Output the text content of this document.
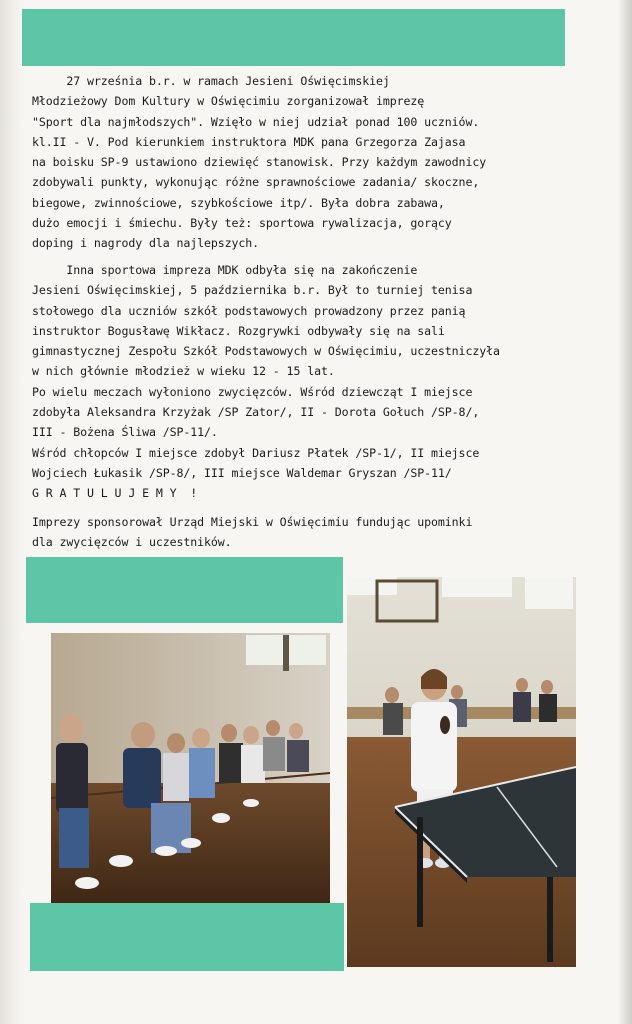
27 września b.r. w ramach Jesieni Oświęcimskiej
Młodzieżowy Dom Kultury w Oświęcimiu zorganizował imprezę
"Sport dla najmłodszych". Wzięło w niej udział ponad 100 uczniów.
kl.II - V. Pod kierunkiem instruktora MDK pana Grzegorza Zajasa
na boisku SP-9 ustawiono dziewięć stanowisk. Przy każdym zawodnicy
zdobywali punkty, wykonując różne sprawnościowe zadania/ skoczne,
biegowe, zwinnościowe, szybkościowe itp/. Była dobra zabawa,
dużo emocji i śmiechu. Były też: sportowa rywalizacja, gorący
doping i nagrody dla najlepszych.
Inna sportowa impreza MDK odbyła się na zakończenie
Jesieni Oświęcimskiej, 5 października b.r. Był to turniej tenisa
stołowego dla uczniów szkół podstawowych prowadzony przez panią
instruktor Bogusławę Wikłacz. Rozgrywki odbywały się na sali
gimnastycznej Zespołu Szkół Podstawowych w Oświęcimiu, uczestniczyła
w nich głównie młodzież w wieku 12 - 15 lat.
Po wielu meczach wyłoniono zwycięzców. Wśród dziewcząt I miejsce
zdobyła Aleksandra Krzyżak /SP Zator/, II - Dorota Gołuch /SP-8/,
III - Bożena Śliwa /SP-11/.
Wśród chłopców I miejsce zdobył Dariusz Płatek /SP-1/, II miejsce
Wojciech Łukasik /SP-8/, III miejsce Waldemar Gryszan /SP-11/
G R A T U L U J E M Y  !
Imprezy sponsorował Urząd Miejski w Oświęcimiu fundując upominki
dla zwycięzców i uczestników.
